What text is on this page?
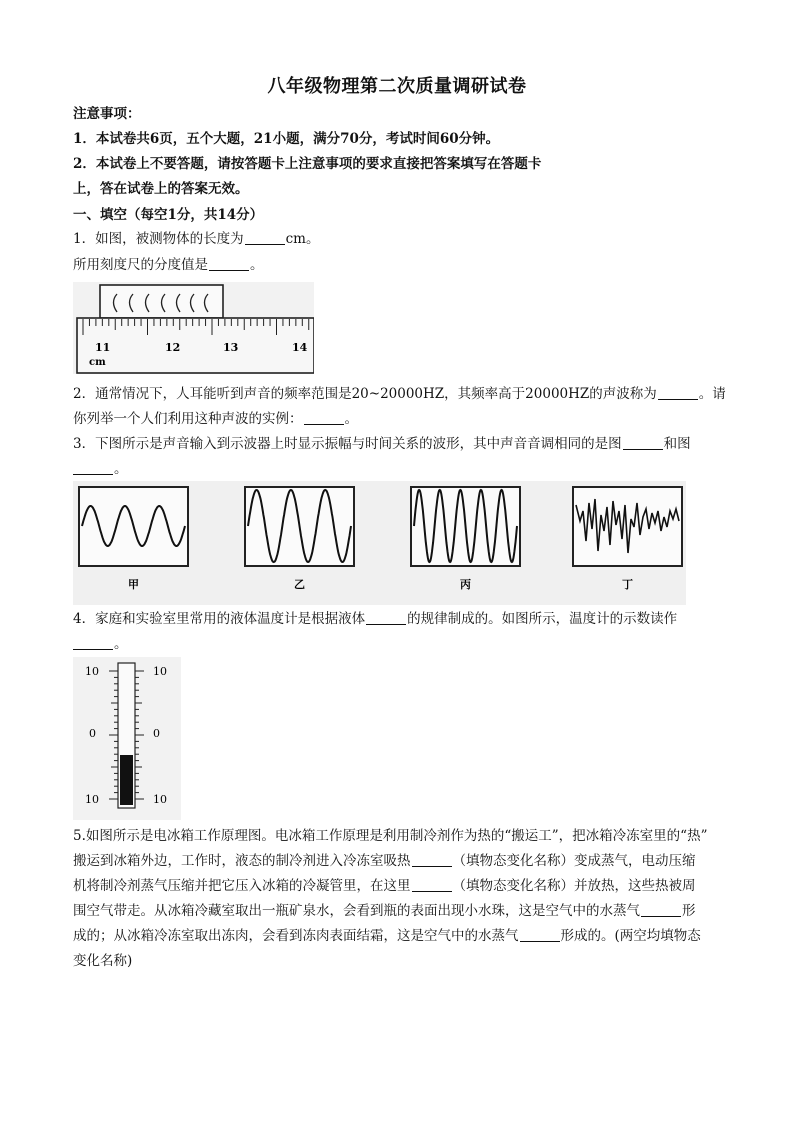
八年级物理第二次质量调研试卷
注意事项：
1．本试卷共6页，五个大题，21小题，满分70分，考试时间60分钟。
2．本试卷上不要答题，请按答题卡上注意事项的要求直接把答案填写在答题卡
上，答在试卷上的答案无效。
一、填空（每空1分，共14分）
1．如图，被测物体的长度为	cm。
所用刻度尺的分度值是	。
11	12	13	14
cm
2．通常情况下，人耳能听到声音的频率范围是20~20000HZ，其频率高于20000HZ的声波称为	。请
你列举一个人们利用这种声波的实例：	。
3．下图所示是声音输入到示波器上时显示振幅与时间关系的波形，其中声音音调相同的是图	和图
。
甲	乙	丙	丁
4．家庭和实验室里常用的液体温度计是根据液体	的规律制成的。如图所示，温度计的示数读作
。
10
0
10
10
0
10
5.如图所示是电冰箱工作原理图。电冰箱工作原理是利用制冷剂作为热的“搬运工”，把冰箱冷冻室里的“热”
搬运到冰箱外边，工作时，液态的制冷剂进入冷冻室吸热	（填物态变化名称）变成蒸气，电动压缩
机将制冷剂蒸气压缩并把它压入冰箱的冷凝管里，在这里	（填物态变化名称）并放热，这些热被周
围空气带走。从冰箱冷藏室取出一瓶矿泉水，会看到瓶的表面出现小水珠，这是空气中的水蒸气	形
成的；从冰箱冷冻室取出冻肉，会看到冻肉表面结霜，这是空气中的水蒸气	形成的。(两空均填物态
变化名称)
